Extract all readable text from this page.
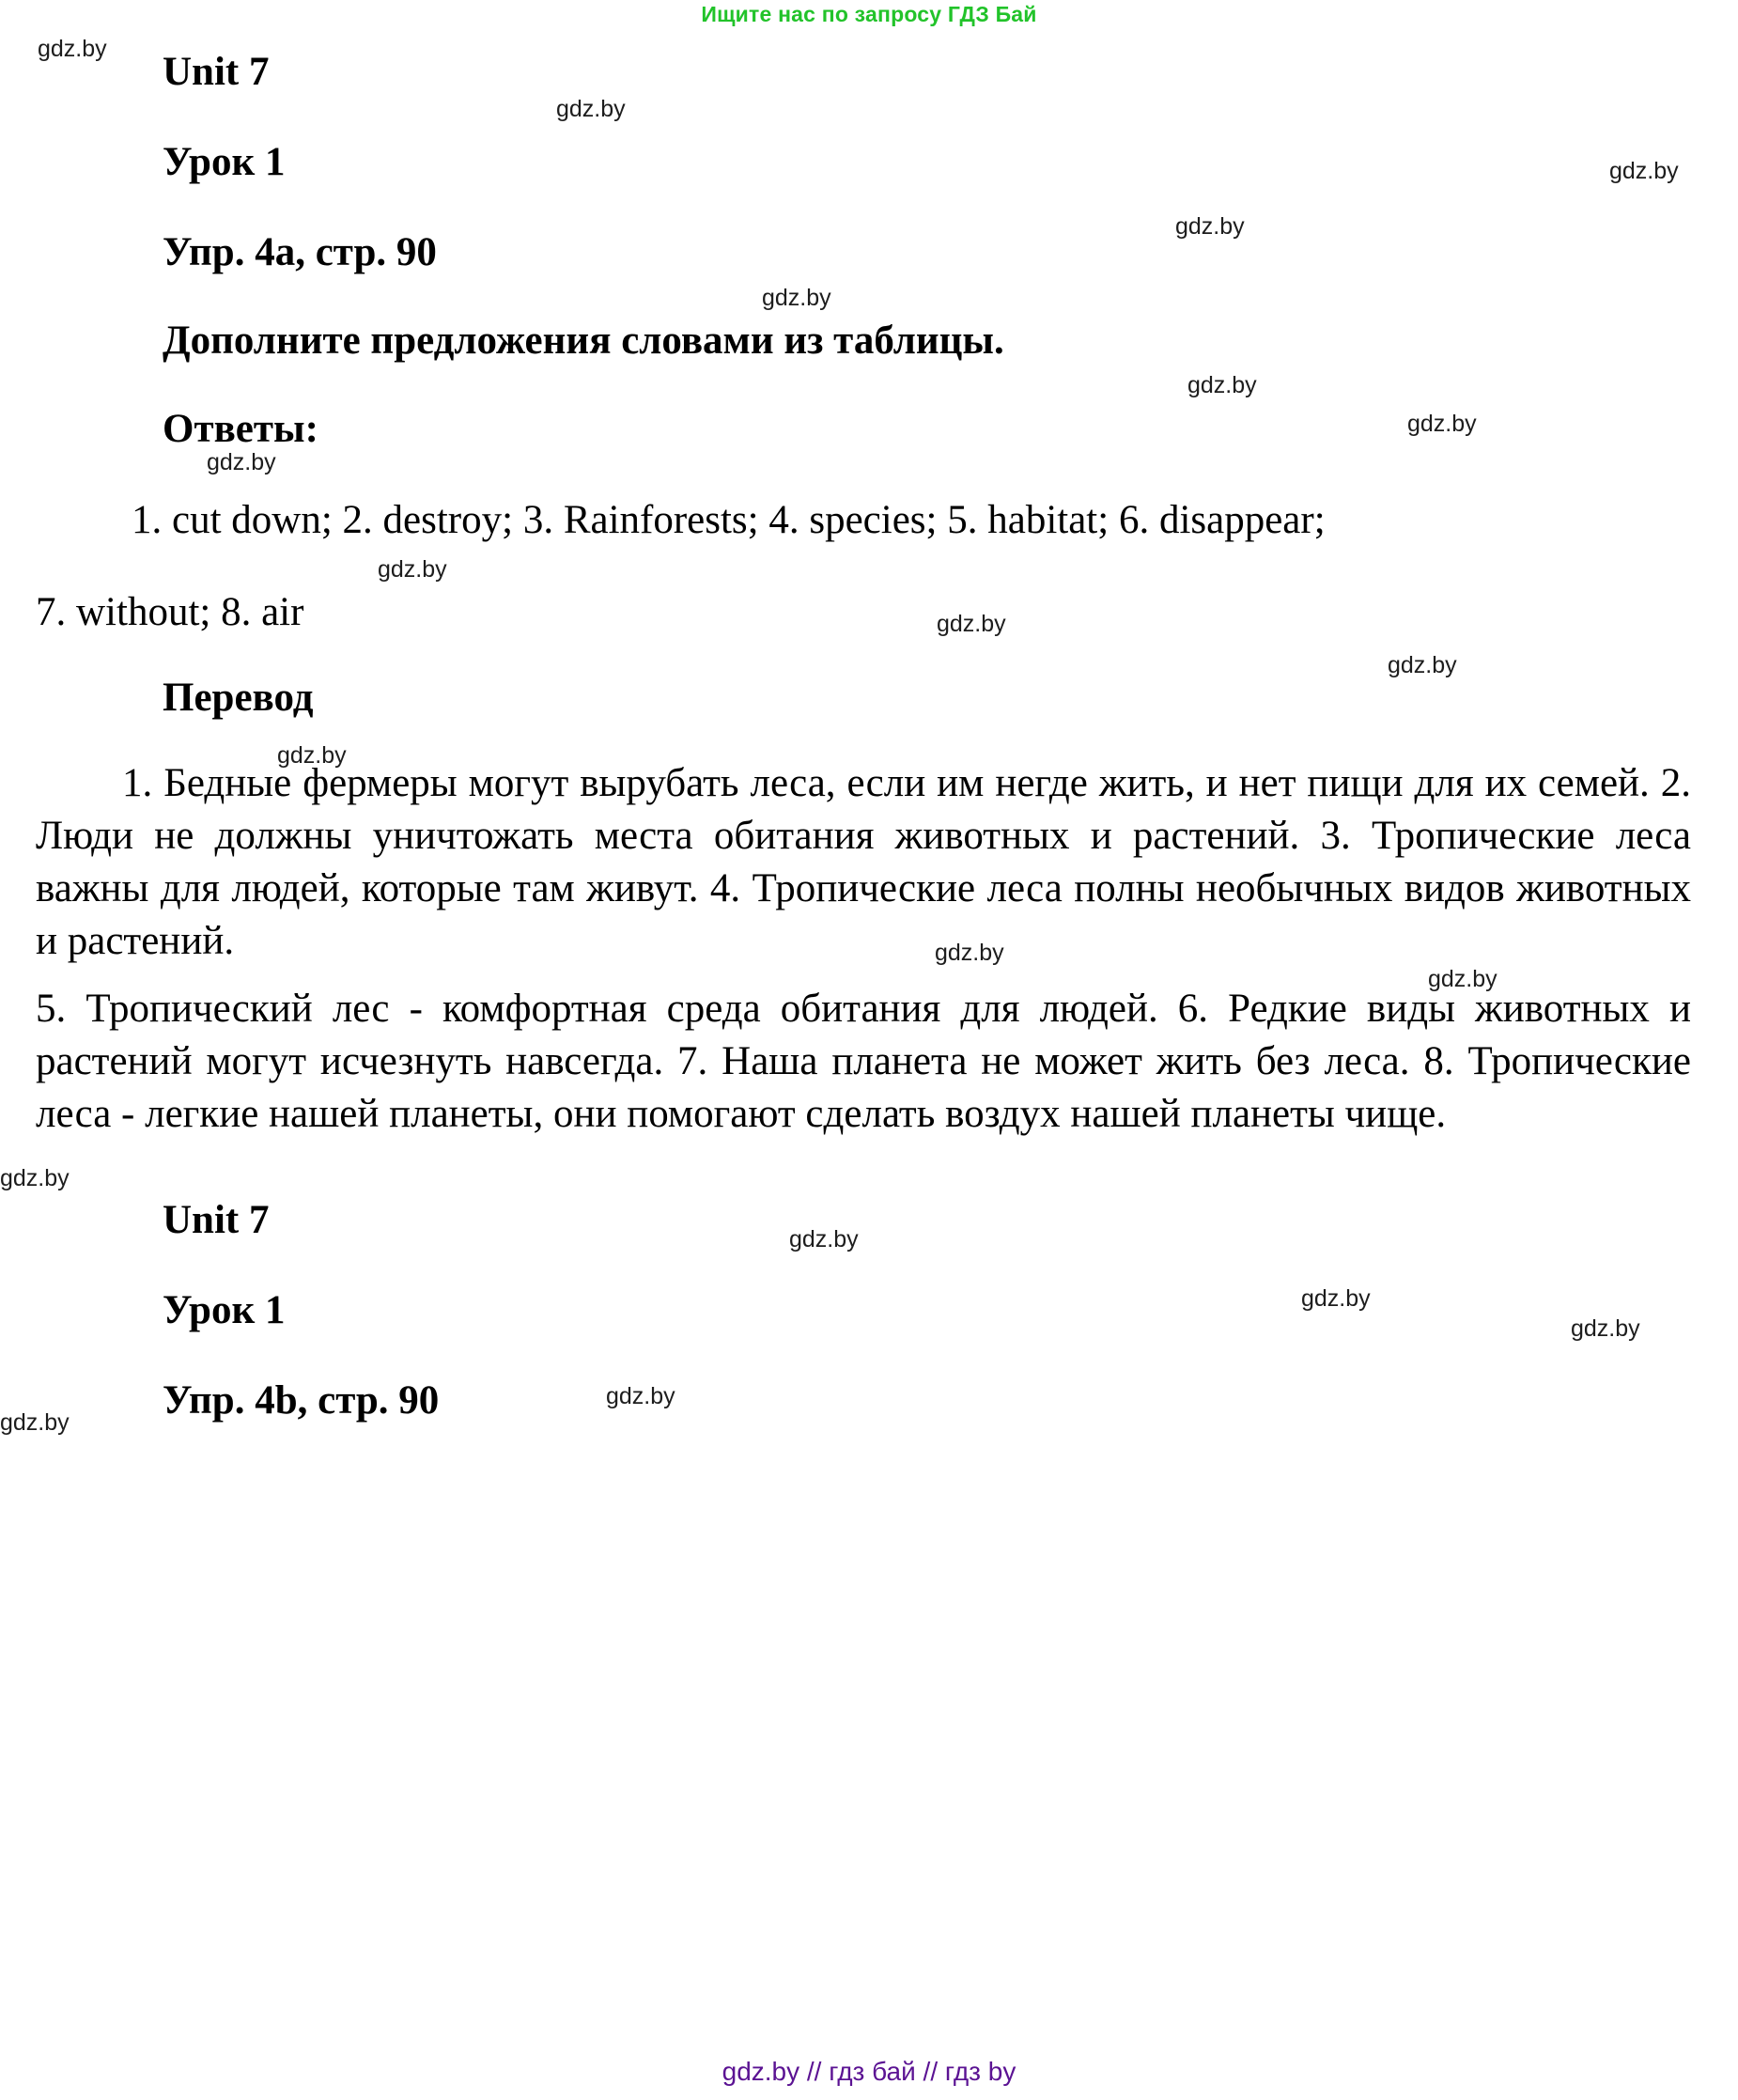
Ищите нас по запросу ГДЗ Бай
gdz.by
gdz.by
gdz.by
gdz.by
gdz.by
gdz.by
gdz.by
gdz.by
gdz.by
gdz.by
gdz.by
gdz.by
gdz.by
gdz.by
gdz.by
gdz.by
gdz.by
gdz.by
gdz.by
gdz.by
Unit 7
Урок 1
Упр. 4a, стр. 90
Дополните предложения словами из таблицы.
Ответы:

1. cut down; 2. destroy; 3. Rainforests; 4. species; 5. habitat; 6. disappear;

7. without; 8. air

Перевод

1. Бедные фермеры могут вырубать леса, если им негде жить, и нет пищи для их семей. 2. Люди не должны уничтожать места обитания животных и растений. 3. Тропические леса важны для людей, которые там живут. 4. Тропические леса полны необычных видов животных и растений.

5. Тропический лес - комфортная среда обитания для людей. 6. Редкие виды животных и растений могут исчезнуть навсегда. 7. Наша планета не может жить без леса. 8. Тропические леса - легкие нашей планеты, они помогают сделать воздух нашей планеты чище.

Unit 7
Урок 1
Упр. 4b, стр. 90
gdz.by // гдз бай // гдз by
